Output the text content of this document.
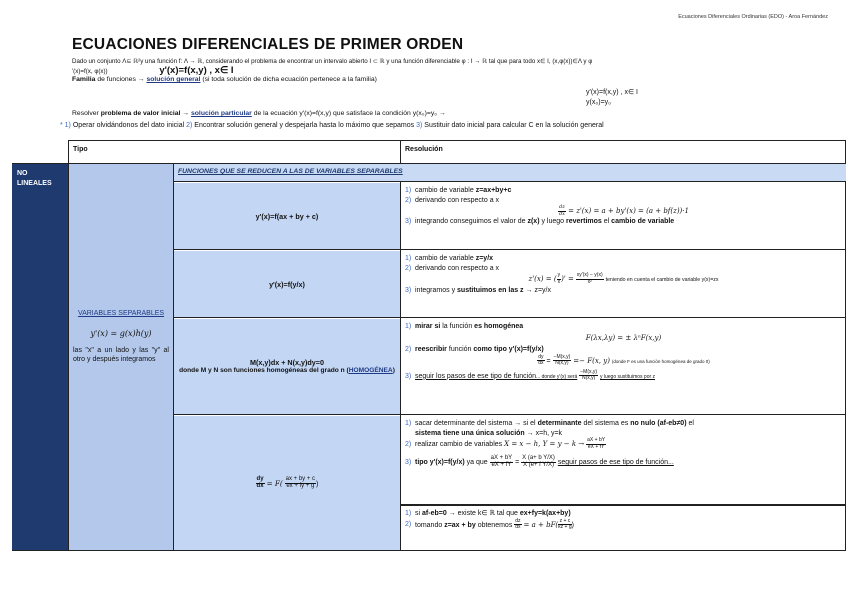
Ecuaciones Diferenciales Ordinarias (EDO) - Aroa Fernández
ECUACIONES DIFERENCIALES DE PRIMER ORDEN
Dado un conjunto Λ⊆ ℝ²y una función f: Λ → ℝ, considerando el problema de encontrar un intervalo abierto I ⊂ ℝ y una función diferenciable φ : I → ℝ tal que para todo x∈ I, (x,φ(x))∈Λ y φ
'(x)=f(x, φ(x))	y'(x)=f(x,y) , x∈ I
Familia de funciones → solución general (si toda solución de dicha ecuación pertenece a la familia)
y'(x)=f(x,y) , x∈ I
y(x₀)=y₀
Resolver problema de valor inicial → solución particular de la ecuación y'(x)=f(x,y) que satisface la condición y(x₀)=y₀ →
* 1) Operar olvidándonos del dato inicial 2) Encontrar solución general y despejarla hasta lo máximo que sepamos 3) Sustituir dato inicial para calcular C en la solución general
Tipo	Resolución
NO
LINEALES
VARIABLES SEPARABLES
y'(x) = g(x)h(y)
las "x" a un lado y las "y" al otro y después integramos
FUNCIONES QUE SE REDUCEN A LAS DE VARIABLES SEPARABLES
y'(x)=f(ax + by + c)
1) cambio de variable z=ax+by+c
2) derivando con respecto a x
$\frac{dz}{dx} = z'(x) = a + by'(x) = (a + bf(z))\cdot 1$
3) integrando conseguimos el valor de z(x) y luego revertimos el cambio de variable
y'(x)=f(y/x)
1) cambio de variable z=y/x
2) derivando con respecto a x
z'(x) = ( $\frac{y}{x}$ )' = $\frac{xy'(x) - y(x)}{\text{x²}}$ teniendo en cuenta el cambio de variable y(x)=zx
3) integramos y sustituimos en las z → z=y/x
M(x,y)dx + N(x,y)dy=0
donde M y N son funciones homogéneas del grado n (HOMOGÉNEA)
1) mirar si la función es homogénea
F(λx,λy) = ± λⁿF(x,y)
2) reescribir función como tipo y'(x)=f(y/x)
$\frac{dy}{dx} = \frac{-M(x,y)}{N(x,y)} =- F(x$, y) (donde F es una función homogénea de grado 0)
3) seguir los pasos de ese tipo de función... donde y'(x) será $\frac{-M(x,y)}{N(x,y)}$ y luego sustituimos por z
$\frac{dy}{dx} = F( \frac{ax + by + c}{ex + fy + g}$ )
1) sacar determinante del sistema → si el determinante del sistema es no nulo (af-eb≠0) el
sistema tiene una única solución → x=h, y=k
2) realizar cambio de variables X = x − h, $Y = y - k \to \frac{aX + bY}{eX + fY}$
3) tipo y'(x)=f(y/x) ya que $\frac{aX + bY}{eX + fY} = \frac{\text{X (a+ b Y/X)}}{\text{X (e+ f Y/X)}}$ seguir pasos de ese tipo de función...
1) si af-eb=0 → existe k∈ ℝ tal que ex+fy=k(ax+by)
2) tomando z=ax + by obtenemos $\frac{dz}{dx} = a + bF( \frac{z + c}{kz + g}$ )
